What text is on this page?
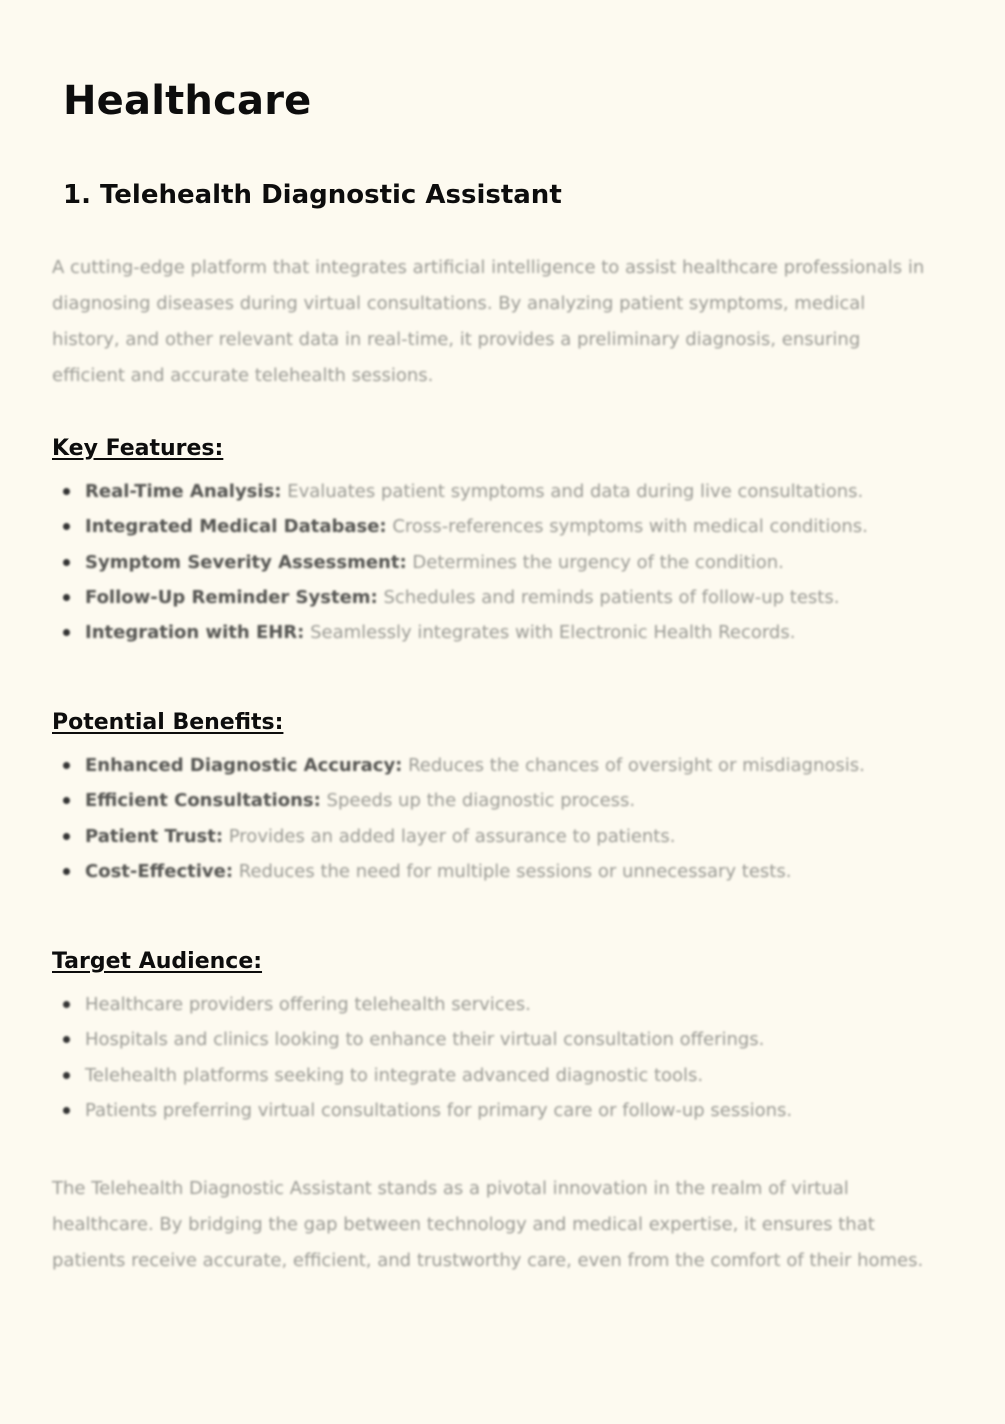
Healthcare
1. Telehealth Diagnostic Assistant

A cutting-edge platform that integrates artificial intelligence to assist healthcare professionals in diagnosing diseases during virtual consultations. By analyzing patient symptoms, medical history, and other relevant data in real-time, it provides a preliminary diagnosis, ensuring efficient and accurate telehealth sessions.

Key Features:
Real-Time Analysis: Evaluates patient symptoms and data during live consultations.
Integrated Medical Database: Cross-references symptoms with medical conditions.
Symptom Severity Assessment: Determines the urgency of the condition.
Follow-Up Reminder System: Schedules and reminds patients of follow-up tests.
Integration with EHR: Seamlessly integrates with Electronic Health Records.
Potential Benefits:
Enhanced Diagnostic Accuracy: Reduces the chances of oversight or misdiagnosis.
Efficient Consultations: Speeds up the diagnostic process.
Patient Trust: Provides an added layer of assurance to patients.
Cost-Effective: Reduces the need for multiple sessions or unnecessary tests.
Target Audience:
Healthcare providers offering telehealth services.
Hospitals and clinics looking to enhance their virtual consultation offerings.
Telehealth platforms seeking to integrate advanced diagnostic tools.
Patients preferring virtual consultations for primary care or follow-up sessions.

The Telehealth Diagnostic Assistant stands as a pivotal innovation in the realm of virtual healthcare. By bridging the gap between technology and medical expertise, it ensures that patients receive accurate, efficient, and trustworthy care, even from the comfort of their homes.
